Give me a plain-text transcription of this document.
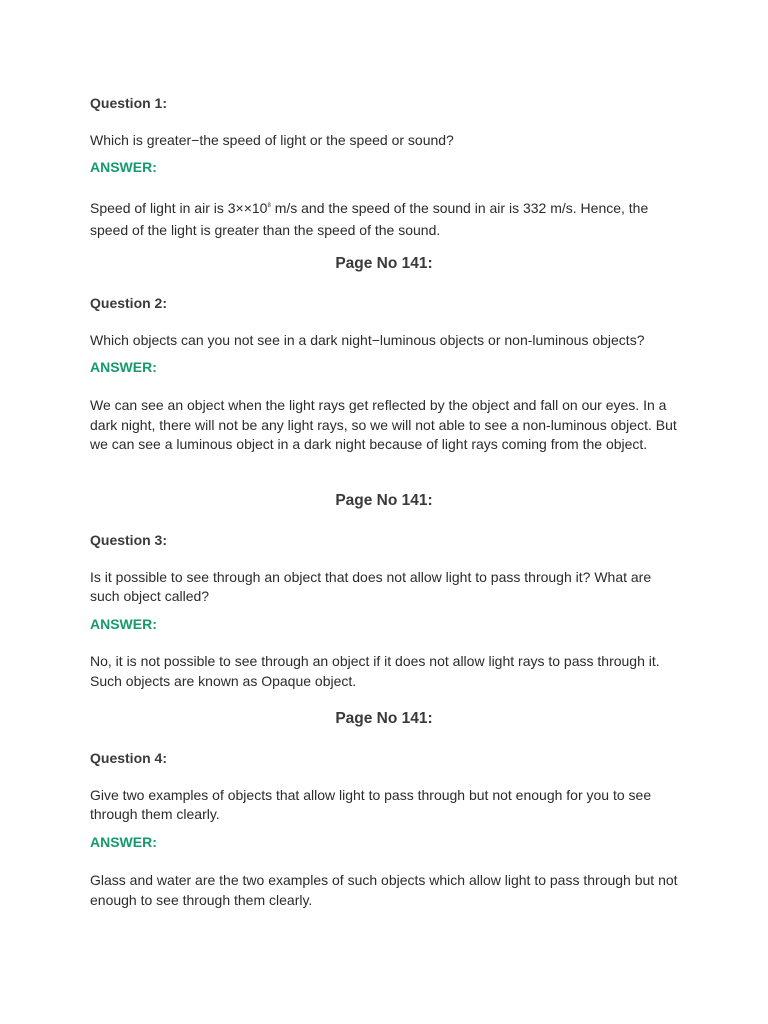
Question 1:
Which is greater−the speed of light or the speed or sound?
ANSWER:
Speed of light in air is $3\times\times 10^8$ m/s and the speed of the sound in air is 332 m/s. Hence, the speed of the light is greater than the speed of the sound.
Page No 141:
Question 2:
Which objects can you not see in a dark night−luminous objects or non-luminous objects?
ANSWER:
We can see an object when the light rays get reflected by the object and fall on our eyes. In a dark night, there will not be any light rays, so we will not able to see a non-luminous object. But we can see a luminous object in a dark night because of light rays coming from the object.
Page No 141:
Question 3:
Is it possible to see through an object that does not allow light to pass through it? What are such object called?
ANSWER:
No, it is not possible to see through an object if it does not allow light rays to pass through it. Such objects are known as Opaque object.
Page No 141:
Question 4:
Give two examples of objects that allow light to pass through but not enough for you to see through them clearly.
ANSWER:
Glass and water are the two examples of such objects which allow light to pass through but not enough to see through them clearly.
